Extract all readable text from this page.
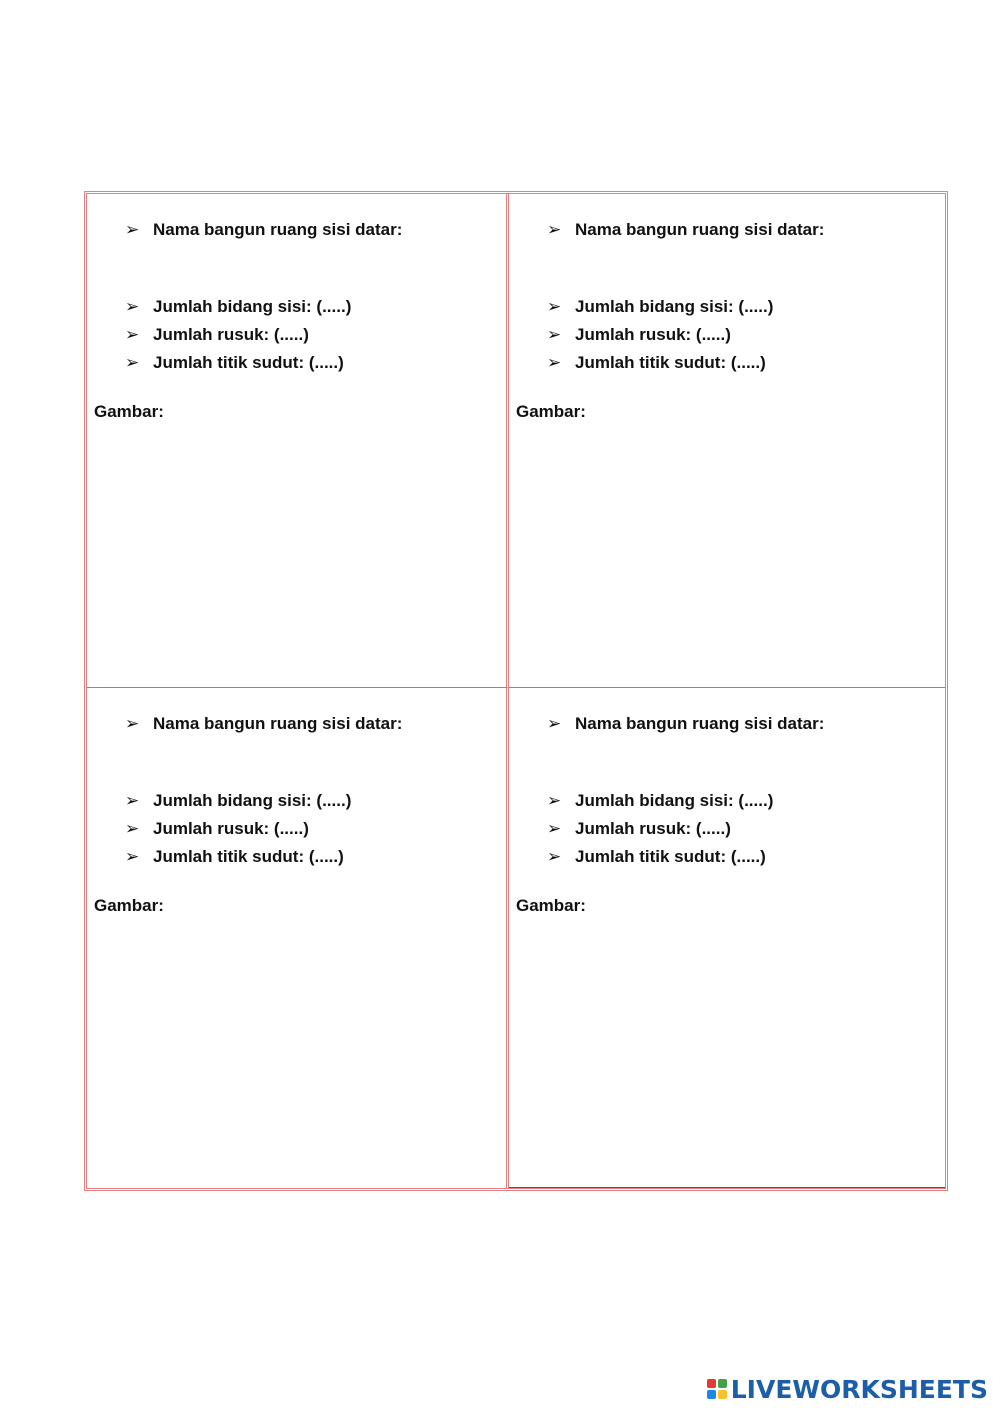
➢ Nama bangun ruang sisi datar:
➢ Jumlah bidang sisi: (.....)
➢ Jumlah rusuk: (.....)
➢ Jumlah titik sudut: (.....)
Gambar:
➢ Nama bangun ruang sisi datar:
➢ Jumlah bidang sisi: (.....)
➢ Jumlah rusuk: (.....)
➢ Jumlah titik sudut: (.....)
Gambar:
➢ Nama bangun ruang sisi datar:
➢ Jumlah bidang sisi: (.....)
➢ Jumlah rusuk: (.....)
➢ Jumlah titik sudut: (.....)
Gambar:
➢ Nama bangun ruang sisi datar:
➢ Jumlah bidang sisi: (.....)
➢ Jumlah rusuk: (.....)
➢ Jumlah titik sudut: (.....)
Gambar:
LIVEWORKSHEETS
